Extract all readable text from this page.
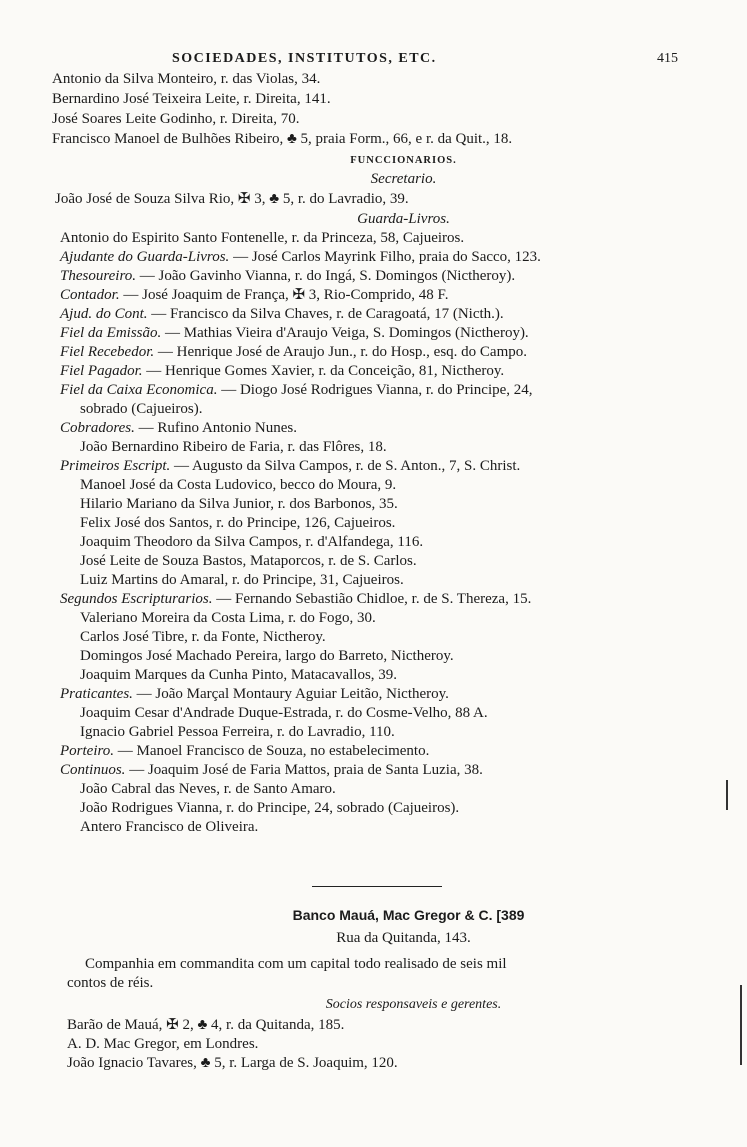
SOCIEDADES, INSTITUTOS, ETC.	415
Antonio da Silva Monteiro, r. das Violas, 34.
Bernardino José Teixeira Leite, r. Direita, 141.
José Soares Leite Godinho, r. Direita, 70.
Francisco Manoel de Bulhões Ribeiro, ♣ 5, praia Form., 66, e r. da Quit., 18.
FUNCCIONARIOS.
Secretario.
João José de Souza Silva Rio, ✠ 3, ♣ 5, r. do Lavradio, 39.
Guarda-Livros.
Antonio do Espirito Santo Fontenelle, r. da Princeza, 58, Cajueiros.
Ajudante do Guarda-Livros. — José Carlos Mayrink Filho, praia do Sacco, 123.
Thesoureiro. — João Gavinho Vianna, r. do Ingá, S. Domingos (Nictheroy).
Contador. — José Joaquim de França, ✠ 3, Rio-Comprido, 48 F.
Ajud. do Cont. — Francisco da Silva Chaves, r. de Caragoatá, 17 (Nicth.).
Fiel da Emissão. — Mathias Vieira d'Araujo Veiga, S. Domingos (Nictheroy).
Fiel Recebedor. — Henrique José de Araujo Jun., r. do Hosp., esq. do Campo.
Fiel Pagador. — Henrique Gomes Xavier, r. da Conceição, 81, Nictheroy.
Fiel da Caixa Economica. — Diogo José Rodrigues Vianna, r. do Principe, 24,
sobrado (Cajueiros).
Cobradores. — Rufino Antonio Nunes.
João Bernardino Ribeiro de Faria, r. das Flôres, 18.
Primeiros Escript. — Augusto da Silva Campos, r. de S. Anton., 7, S. Christ.
Manoel José da Costa Ludovico, becco do Moura, 9.
Hilario Mariano da Silva Junior, r. dos Barbonos, 35.
Felix José dos Santos, r. do Principe, 126, Cajueiros.
Joaquim Theodoro da Silva Campos, r. d'Alfandega, 116.
José Leite de Souza Bastos, Mataporcos, r. de S. Carlos.
Luiz Martins do Amaral, r. do Principe, 31, Cajueiros.
Segundos Escripturarios. — Fernando Sebastião Chidloe, r. de S. Thereza, 15.
Valeriano Moreira da Costa Lima, r. do Fogo, 30.
Carlos José Tibre, r. da Fonte, Nictheroy.
Domingos José Machado Pereira, largo do Barreto, Nictheroy.
Joaquim Marques da Cunha Pinto, Matacavallos, 39.
Praticantes. — João Marçal Montaury Aguiar Leitão, Nictheroy.
Joaquim Cesar d'Andrade Duque-Estrada, r. do Cosme-Velho, 88 A.
Ignacio Gabriel Pessoa Ferreira, r. do Lavradio, 110.
Porteiro. — Manoel Francisco de Souza, no estabelecimento.
Continuos. — Joaquim José de Faria Mattos, praia de Santa Luzia, 38.
João Cabral das Neves, r. de Santo Amaro.
João Rodrigues Vianna, r. do Principe, 24, sobrado (Cajueiros).
Antero Francisco de Oliveira.
Banco Mauá, Mac Gregor & C. [389
Rua da Quitanda, 143.
Companhia em commandita com um capital todo realisado de seis mil
contos de réis.
Socios responsaveis e gerentes.
Barão de Mauá, ✠ 2, ♣ 4, r. da Quitanda, 185.
A. D. Mac Gregor, em Londres.
João Ignacio Tavares, ♣ 5, r. Larga de S. Joaquim, 120.
